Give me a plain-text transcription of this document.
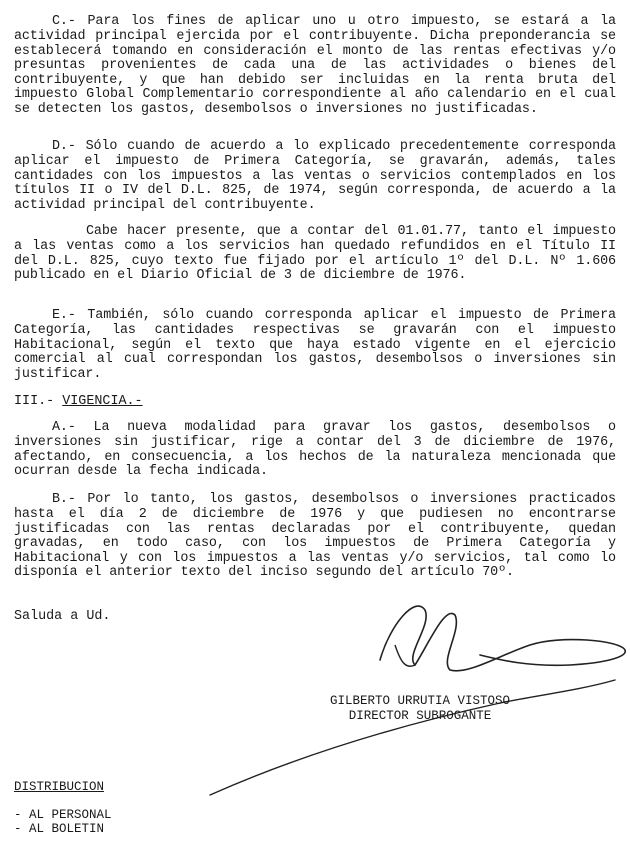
C.- Para los fines de aplicar uno u otro impuesto, se estará a la actividad principal ejercida por el contribuyente. Dicha preponderancia se establecerá tomando en consideración el monto de las rentas efectivas y/o presuntas provenientes de cada una de las actividades o bienes del contribuyente, y que han debido ser incluidas en la renta bruta del impuesto Global Complementario correspondiente al año calendario en el cual se detecten los gastos, desembolsos o inversiones no justificadas.

D.- Sólo cuando de acuerdo a lo explicado precedentemente corresponda aplicar el impuesto de Primera Categoría, se gravarán, además, tales cantidades con los impuestos a las ventas o servicios contemplados en los títulos II o IV del D.L. 825, de 1974, según corresponda, de acuerdo a la actividad principal del contribuyente.

Cabe hacer presente, que a contar del 01.01.77, tanto el impuesto a las ventas como a los servicios han quedado refundidos en el Título II del D.L. 825, cuyo texto fue fijado por el artículo 1º del D.L. Nº 1.606 publicado en el Diario Oficial de 3 de diciembre de 1976.

E.- También, sólo cuando corresponda aplicar el impuesto de Primera Categoría, las cantidades respectivas se gravarán con el impuesto Habitacional, según el texto que haya estado vigente en el ejercicio comercial al cual correspondan los gastos, desembolsos o inversiones sin justificar.

III.- VIGENCIA.-

A.- La nueva modalidad para gravar los gastos, desembolsos o inversiones sin justificar, rige a contar del 3 de diciembre de 1976, afectando, en consecuencia, a los hechos de la naturaleza mencionada que ocurran desde la fecha indicada.

B.- Por lo tanto, los gastos, desembolsos o inversiones practicados hasta el día 2 de diciembre de 1976 y que pudiesen no encontrarse justificadas con las rentas declaradas por el contribuyente, quedan gravadas, en todo caso, con los impuestos de Primera Categoría y Habitacional y con los impuestos a las ventas y/o servicios, tal como lo disponía el anterior texto del inciso segundo del artículo 70º.

Saluda a Ud.
GILBERTO URRUTIA VISTOSO
DIRECTOR SUBROGANTE
DISTRIBUCION
- AL PERSONAL
- AL BOLETIN
